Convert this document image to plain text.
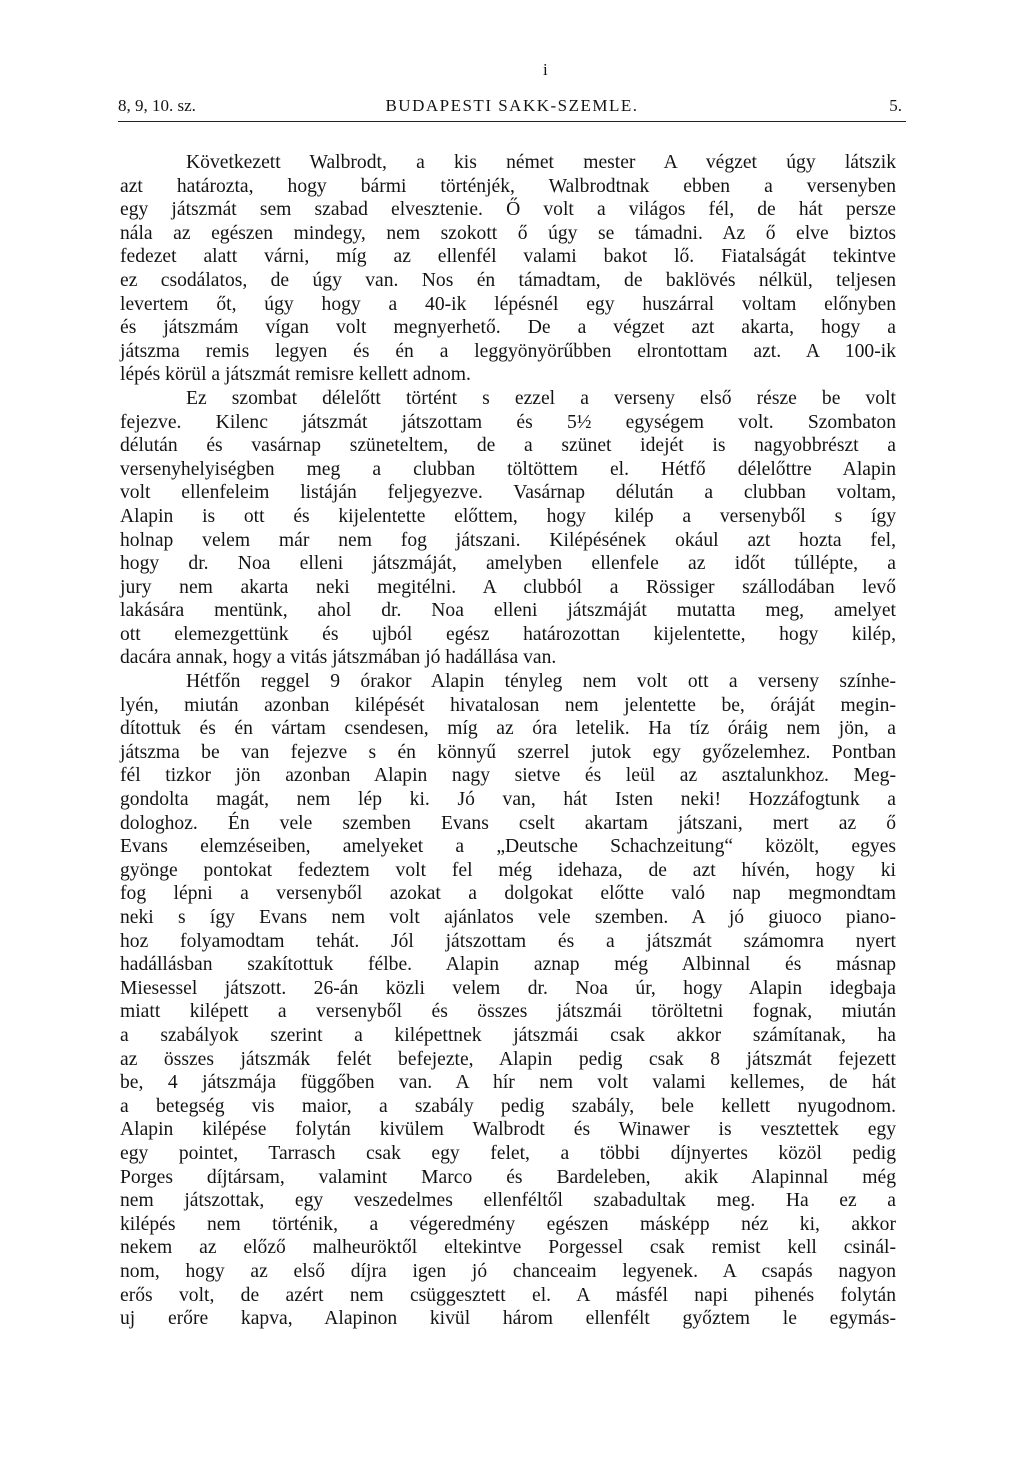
i
8, 9, 10. sz.	BUDAPESTI SAKK-SZEMLE.	5.
Következett Walbrodt, a kis német mester A végzet úgy látszik
azt határozta, hogy bármi történjék, Walbrodtnak ebben a versenyben
egy játszmát sem szabad elvesztenie. Ő volt a világos fél, de hát persze
nála az egészen mindegy, nem szokott ő úgy se támadni. Az ő elve biztos
fedezet alatt várni, míg az ellenfél valami bakot lő. Fiatalságát tekintve
ez csodálatos, de úgy van. Nos én támadtam, de baklövés nélkül, teljesen
levertem őt, úgy hogy a 40-ik lépésnél egy huszárral voltam előnyben
és játszmám vígan volt megnyerhető. De a végzet azt akarta, hogy a
játszma remis legyen és én a leggyönyörűbben elrontottam azt. A 100-ik
lépés körül a játszmát remisre kellett adnom.
Ez szombat délelőtt történt s ezzel a verseny első része be volt
fejezve. Kilenc játszmát játszottam és 5½ egységem volt. Szombaton
délután és vasárnap szüneteltem, de a szünet idejét is nagyobbrészt a
versenyhelyiségben meg a clubban töltöttem el. Hétfő délelőttre Alapin
volt ellenfeleim listáján feljegyezve. Vasárnap délután a clubban voltam,
Alapin is ott és kijelentette előttem, hogy kilép a versenyből s így
holnap velem már nem fog játszani. Kilépésének okául azt hozta fel,
hogy dr. Noa elleni játszmáját, amelyben ellenfele az időt túllépte, a
jury nem akarta neki megitélni. A clubból a Rössiger szállodában levő
lakására mentünk, ahol dr. Noa elleni játszmáját mutatta meg, amelyet
ott elemezgettünk és ujból egész határozottan kijelentette, hogy kilép,
dacára annak, hogy a vitás játszmában jó hadállása van.
Hétfőn reggel 9 órakor Alapin tényleg nem volt ott a verseny színhe-
lyén, miután azonban kilépését hivatalosan nem jelentette be, óráját megin-
dítottuk és én vártam csendesen, míg az óra letelik. Ha tíz óráig nem jön, a
játszma be van fejezve s én könnyű szerrel jutok egy győzelemhez. Pontban
fél tizkor jön azonban Alapin nagy sietve és leül az asztalunkhoz. Meg-
gondolta magát, nem lép ki. Jó van, hát Isten neki! Hozzáfogtunk a
dologhoz. Én vele szemben Evans cselt akartam játszani, mert az ő
Evans elemzéseiben, amelyeket a „Deutsche Schachzeitung“ közölt, egyes
gyönge pontokat fedeztem volt fel még idehaza, de azt hívén, hogy ki
fog lépni a versenyből azokat a dolgokat előtte való nap megmondtam
neki s így Evans nem volt ajánlatos vele szemben. A jó giuoco piano-
hoz folyamodtam tehát. Jól játszottam és a játszmát számomra nyert
hadállásban szakítottuk félbe. Alapin aznap még Albinnal és másnap
Miesessel játszott. 26-án közli velem dr. Noa úr, hogy Alapin idegbaja
miatt kilépett a versenyből és összes játszmái töröltetni fognak, miután
a szabályok szerint a kilépettnek játszmái csak akkor számítanak, ha
az összes játszmák felét befejezte, Alapin pedig csak 8 játszmát fejezett
be, 4 játszmája függőben van. A hír nem volt valami kellemes, de hát
a betegség vis maior, a szabály pedig szabály, bele kellett nyugodnom.
Alapin kilépése folytán kivülem Walbrodt és Winawer is vesztettek egy
egy pointet, Tarrasch csak egy felet, a többi díjnyertes közöl pedig
Porges díjtársam, valamint Marco és Bardeleben, akik Alapinnal még
nem játszottak, egy veszedelmes ellenféltől szabadultak meg. Ha ez a
kilépés nem történik, a végeredmény egészen másképp néz ki, akkor
nekem az előző malheuröktől eltekintve Porgessel csak remist kell csinál-
nom, hogy az első díjra igen jó chanceaim legyenek. A csapás nagyon
erős volt, de azért nem csüggesztett el. A másfél napi pihenés folytán
uj erőre kapva, Alapinon kivül három ellenfélt győztem le egymás-
